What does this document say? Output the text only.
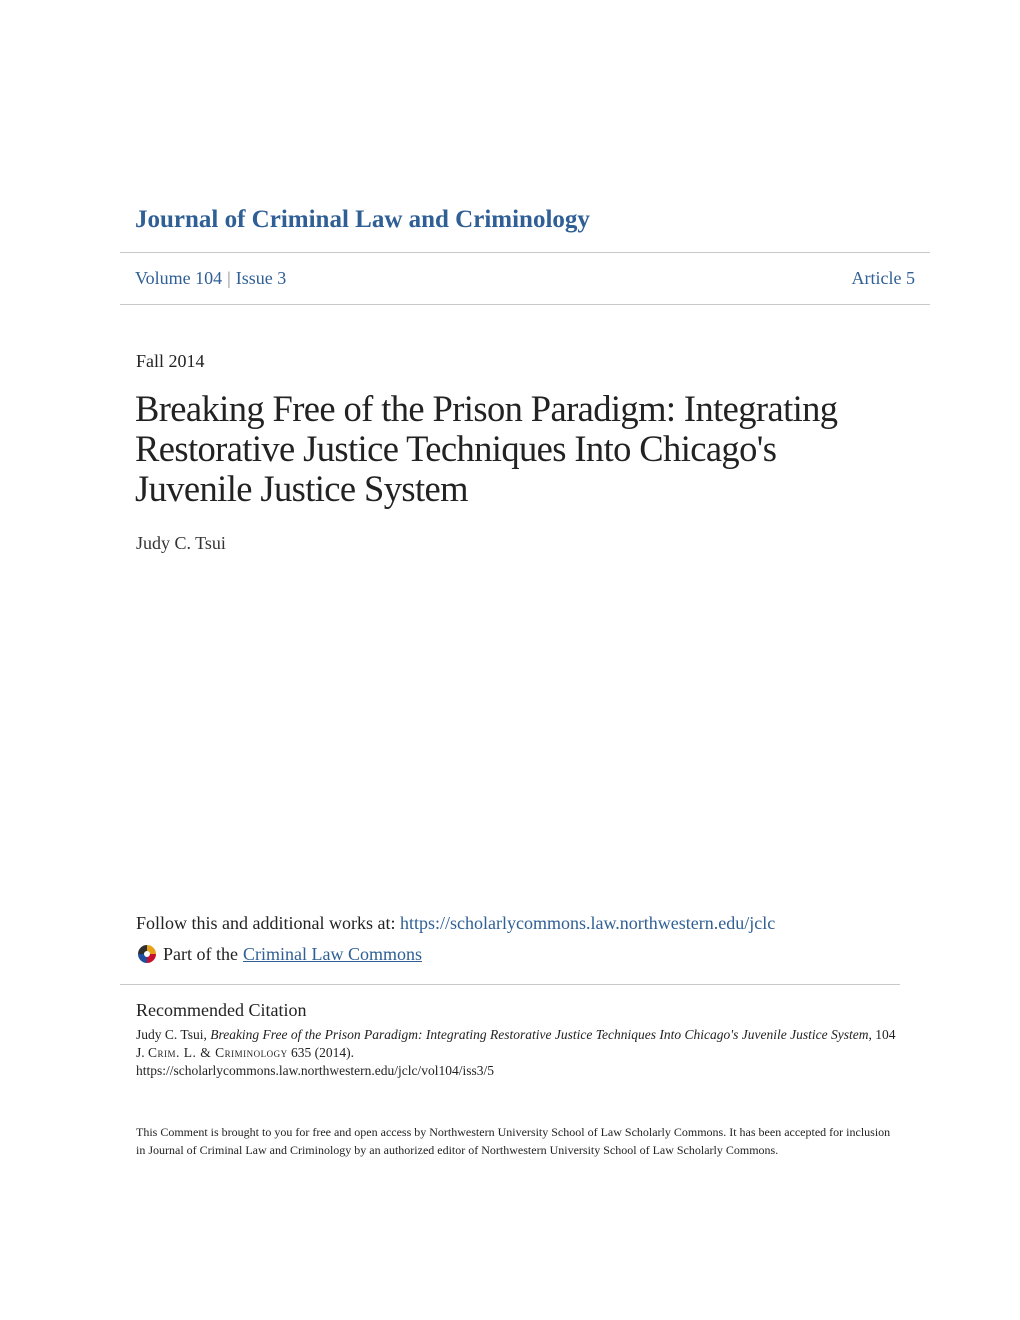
Journal of Criminal Law and Criminology
Volume 104 | Issue 3	Article 5
Fall 2014
Breaking Free of the Prison Paradigm: Integrating Restorative Justice Techniques Into Chicago's Juvenile Justice System
Judy C. Tsui
Follow this and additional works at: https://scholarlycommons.law.northwestern.edu/jclc
Part of the Criminal Law Commons
Recommended Citation
Judy C. Tsui, Breaking Free of the Prison Paradigm: Integrating Restorative Justice Techniques Into Chicago's Juvenile Justice System, 104 J. Crim. L. & Criminology 635 (2014).
https://scholarlycommons.law.northwestern.edu/jclc/vol104/iss3/5
This Comment is brought to you for free and open access by Northwestern University School of Law Scholarly Commons. It has been accepted for inclusion in Journal of Criminal Law and Criminology by an authorized editor of Northwestern University School of Law Scholarly Commons.
